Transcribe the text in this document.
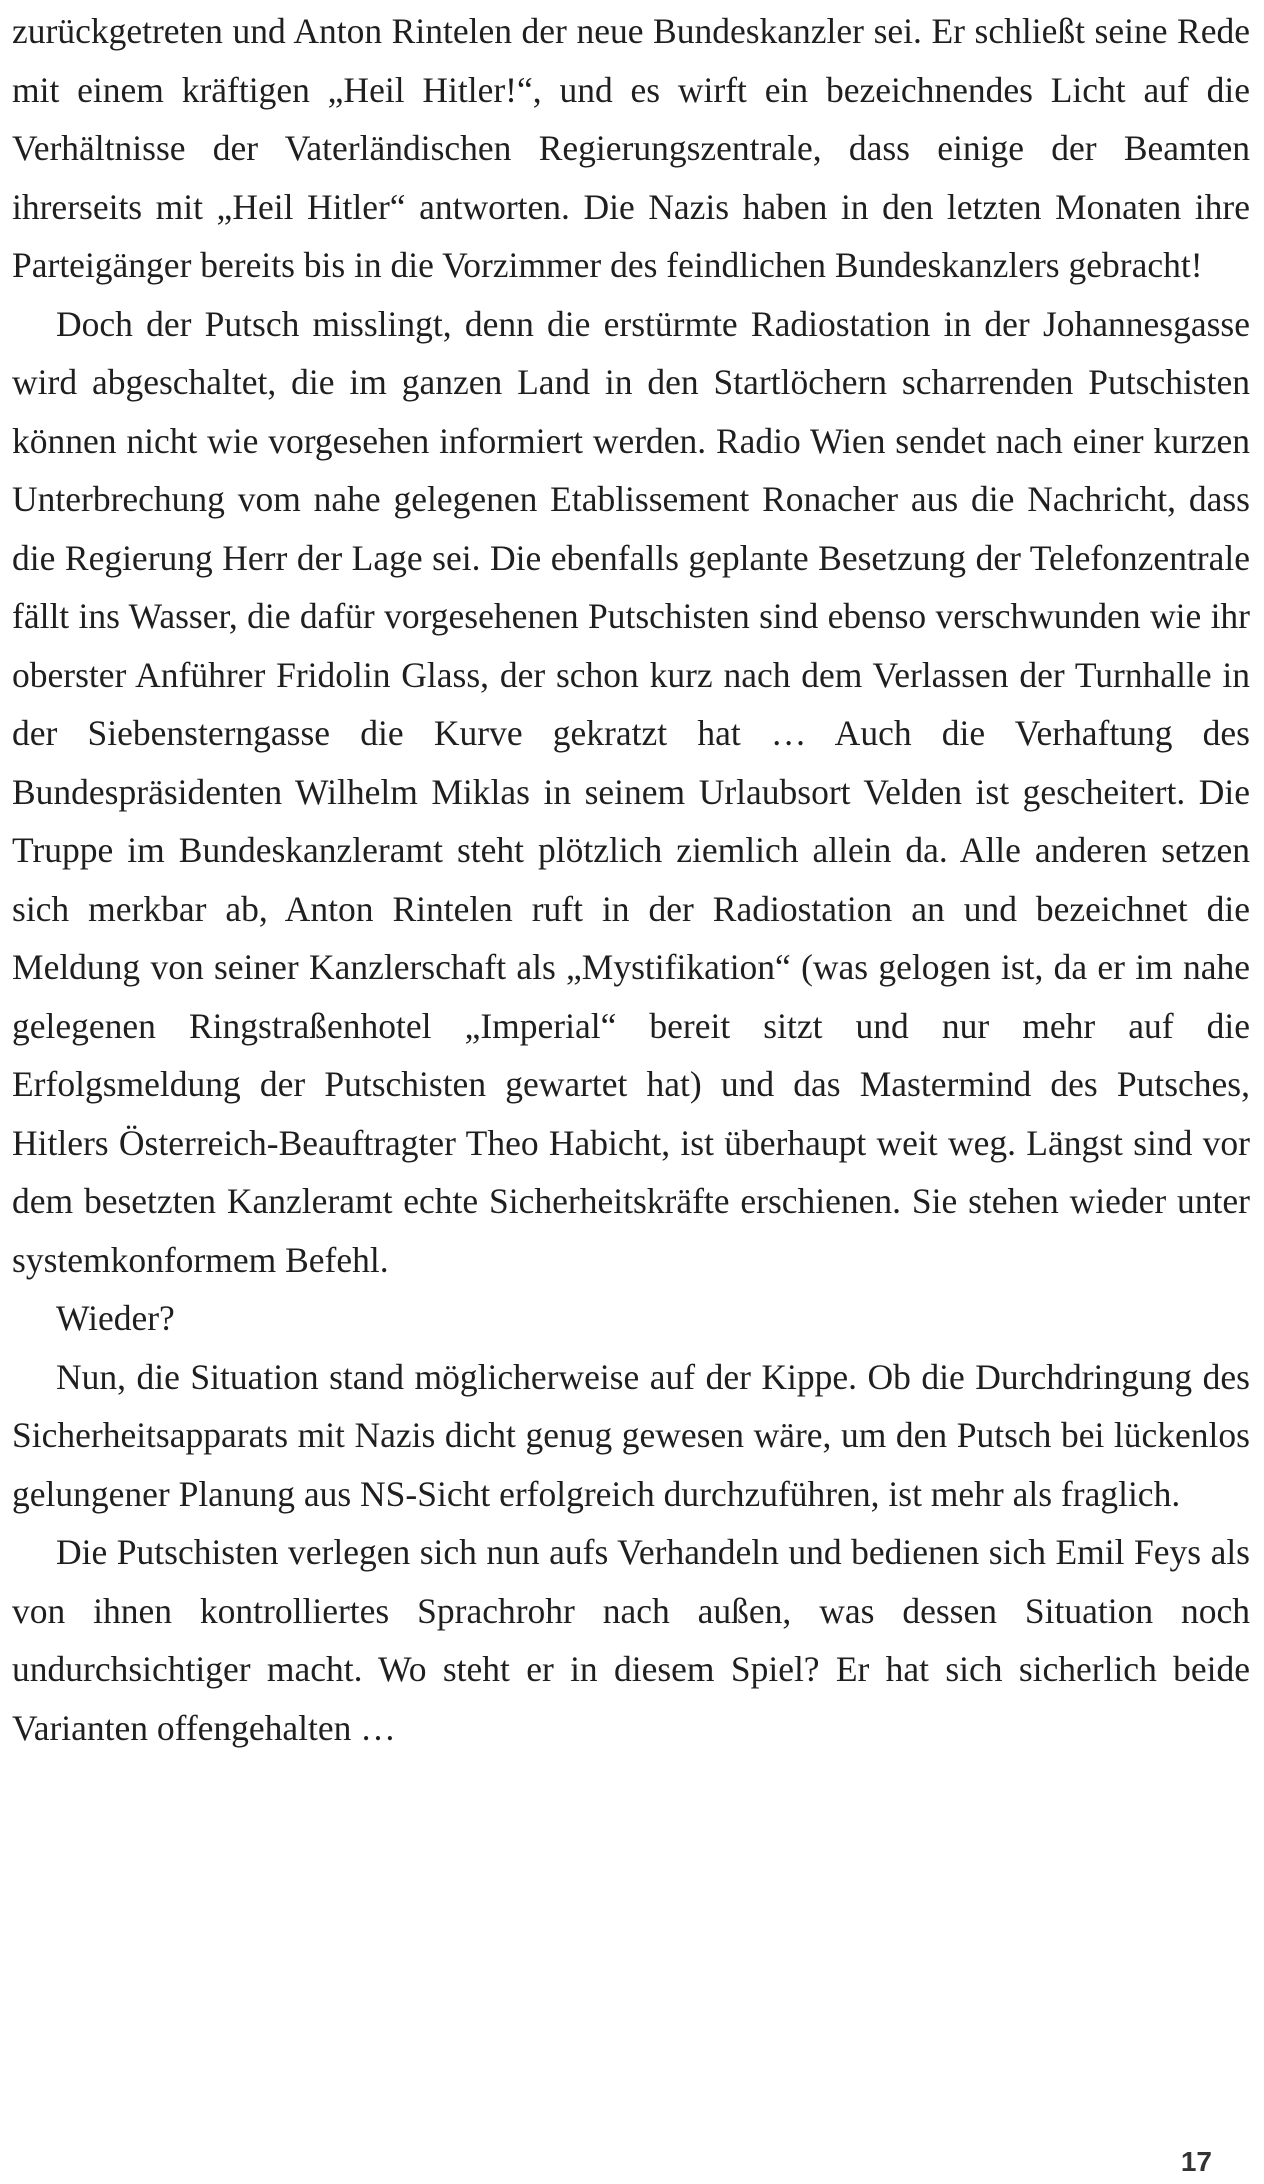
zurückgetreten und Anton Rintelen der neue Bundeskanzler sei. Er schließt seine Rede mit einem kräftigen „Heil Hitler!“, und es wirft ein bezeichnendes Licht auf die Verhältnisse der Vaterländischen Regierungszentrale, dass einige der Beamten ihrerseits mit „Heil Hitler“ antworten. Die Nazis haben in den letzten Monaten ihre Parteigänger bereits bis in die Vorzimmer des feindlichen Bundeskanzlers gebracht!

Doch der Putsch misslingt, denn die erstürmte Radiostation in der Johannesgasse wird abgeschaltet, die im ganzen Land in den Startlöchern scharrenden Putschisten können nicht wie vorgesehen informiert werden. Radio Wien sendet nach einer kurzen Unterbrechung vom nahe gelegenen Etablissement Ronacher aus die Nachricht, dass die Regierung Herr der Lage sei. Die ebenfalls geplante Besetzung der Telefonzentrale fällt ins Wasser, die dafür vorgesehenen Putschisten sind ebenso verschwunden wie ihr oberster Anführer Fridolin Glass, der schon kurz nach dem Verlassen der Turnhalle in der Siebensterngasse die Kurve gekratzt hat … Auch die Verhaftung des Bundespräsidenten Wilhelm Miklas in seinem Urlaubsort Velden ist gescheitert. Die Truppe im Bundeskanzleramt steht plötzlich ziemlich allein da. Alle anderen setzen sich merkbar ab, Anton Rintelen ruft in der Radiostation an und bezeichnet die Meldung von seiner Kanzlerschaft als „Mystifikation“ (was gelogen ist, da er im nahe gelegenen Ringstraßenhotel „Imperial“ bereit sitzt und nur mehr auf die Erfolgsmeldung der Putschisten gewartet hat) und das Mastermind des Putsches, Hitlers Österreich-Beauftragter Theo Habicht, ist überhaupt weit weg. Längst sind vor dem besetzten Kanzleramt echte Sicherheitskräfte erschienen. Sie stehen wieder unter systemkonformem Befehl.

Wieder?

Nun, die Situation stand möglicherweise auf der Kippe. Ob die Durchdringung des Sicherheitsapparats mit Nazis dicht genug gewesen wäre, um den Putsch bei lückenlos gelungener Planung aus NS-Sicht erfolgreich durchzuführen, ist mehr als fraglich.

Die Putschisten verlegen sich nun aufs Verhandeln und bedienen sich Emil Feys als von ihnen kontrolliertes Sprachrohr nach außen, was dessen Situation noch undurchsichtiger macht. Wo steht er in diesem Spiel? Er hat sich sicherlich beide Varianten offengehalten …

17
